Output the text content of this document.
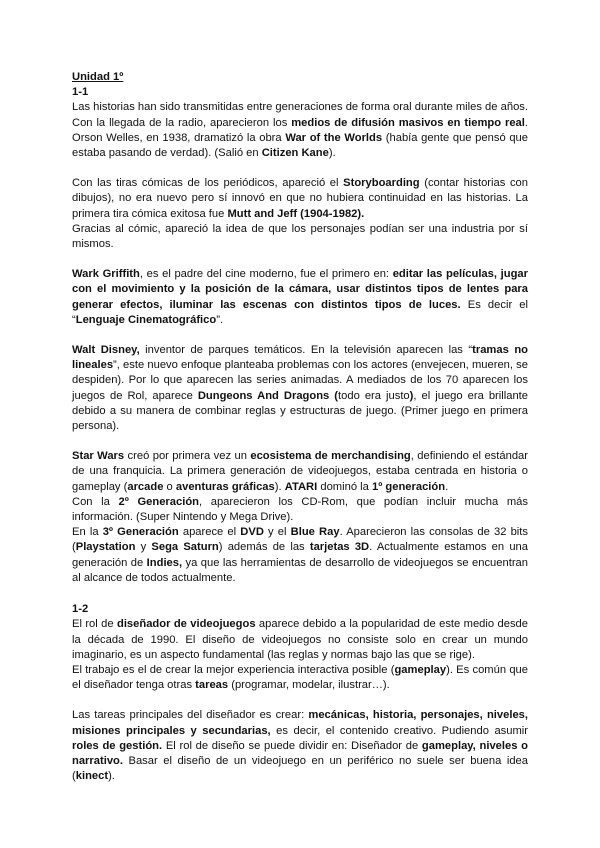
Unidad 1º
1-1

Las historias han sido transmitidas entre generaciones de forma oral durante miles de años. Con la llegada de la radio, aparecieron los medios de difusión masivos en tiempo real. Orson Welles, en 1938, dramatizó la obra War of the Worlds (había gente que pensó que estaba pasando de verdad). (Salió en Citizen Kane).

Con las tiras cómicas de los periódicos, apareció el Storyboarding (contar historias con dibujos), no era nuevo pero sí innovó en que no hubiera continuidad en las historias. La primera tira cómica exitosa fue Mutt and Jeff (1904-1982).
Gracias al cómic, apareció la idea de que los personajes podían ser una industria por sí mismos.

Wark Griffith, es el padre del cine moderno, fue el primero en: editar las películas, jugar con el movimiento y la posición de la cámara, usar distintos tipos de lentes para generar efectos, iluminar las escenas con distintos tipos de luces. Es decir el “Lenguaje Cinematográfico”.

Walt Disney, inventor de parques temáticos. En la televisión aparecen las “tramas no lineales”, este nuevo enfoque planteaba problemas con los actores (envejecen, mueren, se despiden). Por lo que aparecen las series animadas. A mediados de los 70 aparecen los juegos de Rol, aparece Dungeons And Dragons (todo era justo), el juego era brillante debido a su manera de combinar reglas y estructuras de juego. (Primer juego en primera persona).

Star Wars creó por primera vez un ecosistema de merchandising, definiendo el estándar de una franquicia. La primera generación de videojuegos, estaba centrada en historia o gameplay (arcade o aventuras gráficas). ATARI dominó la 1º generación.

Con la 2º Generación, aparecieron los CD-Rom, que podían incluir mucha más información. (Super Nintendo y Mega Drive).

En la 3º Generación aparece el DVD y el Blue Ray. Aparecieron las consolas de 32 bits (Playstation y Sega Saturn) además de las tarjetas 3D. Actualmente estamos en una generación de Indies, ya que las herramientas de desarrollo de videojuegos se encuentran al alcance de todos actualmente.

1-2

El rol de diseñador de videojuegos aparece debido a la popularidad de este medio desde la década de 1990. El diseño de videojuegos no consiste solo en crear un mundo imaginario, es un aspecto fundamental (las reglas y normas bajo las que se rige).

El trabajo es el de crear la mejor experiencia interactiva posible (gameplay). Es común que el diseñador tenga otras tareas (programar, modelar, ilustrar…).

Las tareas principales del diseñador es crear: mecánicas, historia, personajes, niveles, misiones principales y secundarias, es decir, el contenido creativo. Pudiendo asumir roles de gestión. El rol de diseño se puede dividir en: Diseñador de gameplay, niveles o narrativo. Basar el diseño de un videojuego en un periférico no suele ser buena idea (kinect).
